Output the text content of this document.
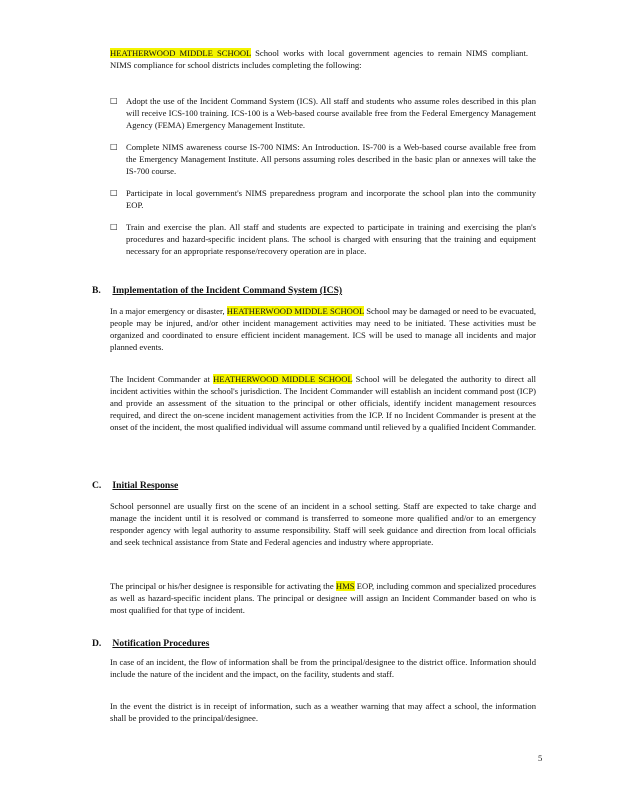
HEATHERWOOD MIDDLE SCHOOL School works with local government agencies to remain NIMS compliant. NIMS compliance for school districts includes completing the following:

□ Adopt the use of the Incident Command System (ICS). All staff and students who assume roles described in this plan will receive ICS-100 training. ICS-100 is a Web-based course available free from the Federal Emergency Management Agency (FEMA) Emergency Management Institute.

□ Complete NIMS awareness course IS-700 NIMS: An Introduction. IS-700 is a Web-based course available free from the Emergency Management Institute. All persons assuming roles described in the basic plan or annexes will take the IS-700 course.

□ Participate in local government's NIMS preparedness program and incorporate the school plan into the community EOP.

□ Train and exercise the plan. All staff and students are expected to participate in training and exercising the plan's procedures and hazard-specific incident plans. The school is charged with ensuring that the training and equipment necessary for an appropriate response/recovery operation are in place.

B. Implementation of the Incident Command System (ICS)
In a major emergency or disaster, HEATHERWOOD MIDDLE SCHOOL School may be damaged or need to be evacuated, people may be injured, and/or other incident management activities may need to be initiated. These activities must be organized and coordinated to ensure efficient incident management. ICS will be used to manage all incidents and major planned events.
The Incident Commander at HEATHERWOOD MIDDLE SCHOOL School will be delegated the authority to direct all incident activities within the school's jurisdiction. The Incident Commander will establish an incident command post (ICP) and provide an assessment of the situation to the principal or other officials, identify incident management resources required, and direct the on-scene incident management activities from the ICP. If no Incident Commander is present at the onset of the incident, the most qualified individual will assume command until relieved by a qualified Incident Commander.
C. Initial Response
School personnel are usually first on the scene of an incident in a school setting. Staff are expected to take charge and manage the incident until it is resolved or command is transferred to someone more qualified and/or to an emergency responder agency with legal authority to assume responsibility. Staff will seek guidance and direction from local officials and seek technical assistance from State and Federal agencies and industry where appropriate.
The principal or his/her designee is responsible for activating the HMS EOP, including common and specialized procedures as well as hazard-specific incident plans. The principal or designee will assign an Incident Commander based on who is most qualified for that type of incident.
D. Notification Procedures
In case of an incident, the flow of information shall be from the principal/designee to the district office. Information should include the nature of the incident and the impact, on the facility, students and staff.
In the event the district is in receipt of information, such as a weather warning that may affect a school, the information shall be provided to the principal/designee.
5
